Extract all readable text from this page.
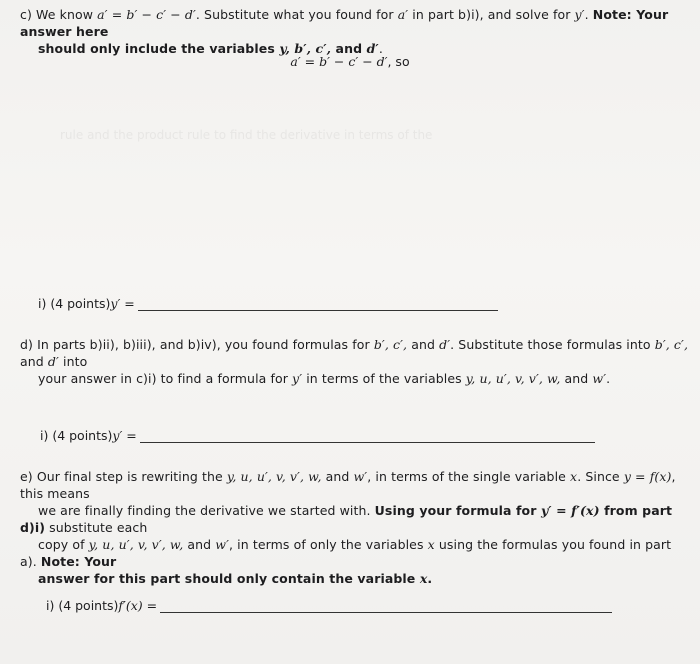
rule and the product rule to find the derivative in terms of the
c) We know a′ = b′ − c′ − d′. Substitute what you found for a′ in part b)i), and solve for y′. Note: Your answer here
should only include the variables y, b′, c′, and d′.
a′ = b′ − c′ − d′, so
i) (4 points) y′ =
d) In parts b)ii), b)iii), and b)iv), you found formulas for b′, c′, and d′. Substitute those formulas into b′, c′, and d′ into
your answer in c)i) to find a formula for y′ in terms of the variables y, u, u′, v, v′, w, and w′.
i) (4 points) y′ =
e) Our final step is rewriting the y, u, u′, v, v′, w, and w′, in terms of the single variable x. Since y = f(x), this means
we are finally finding the derivative we started with. Using your formula for y′ = f′(x) from part d)i) substitute each
copy of y, u, u′, v, v′, w, and w′, in terms of only the variables x using the formulas you found in part a). Note: Your
answer for this part should only contain the variable x.
i) (4 points) f′(x) =
